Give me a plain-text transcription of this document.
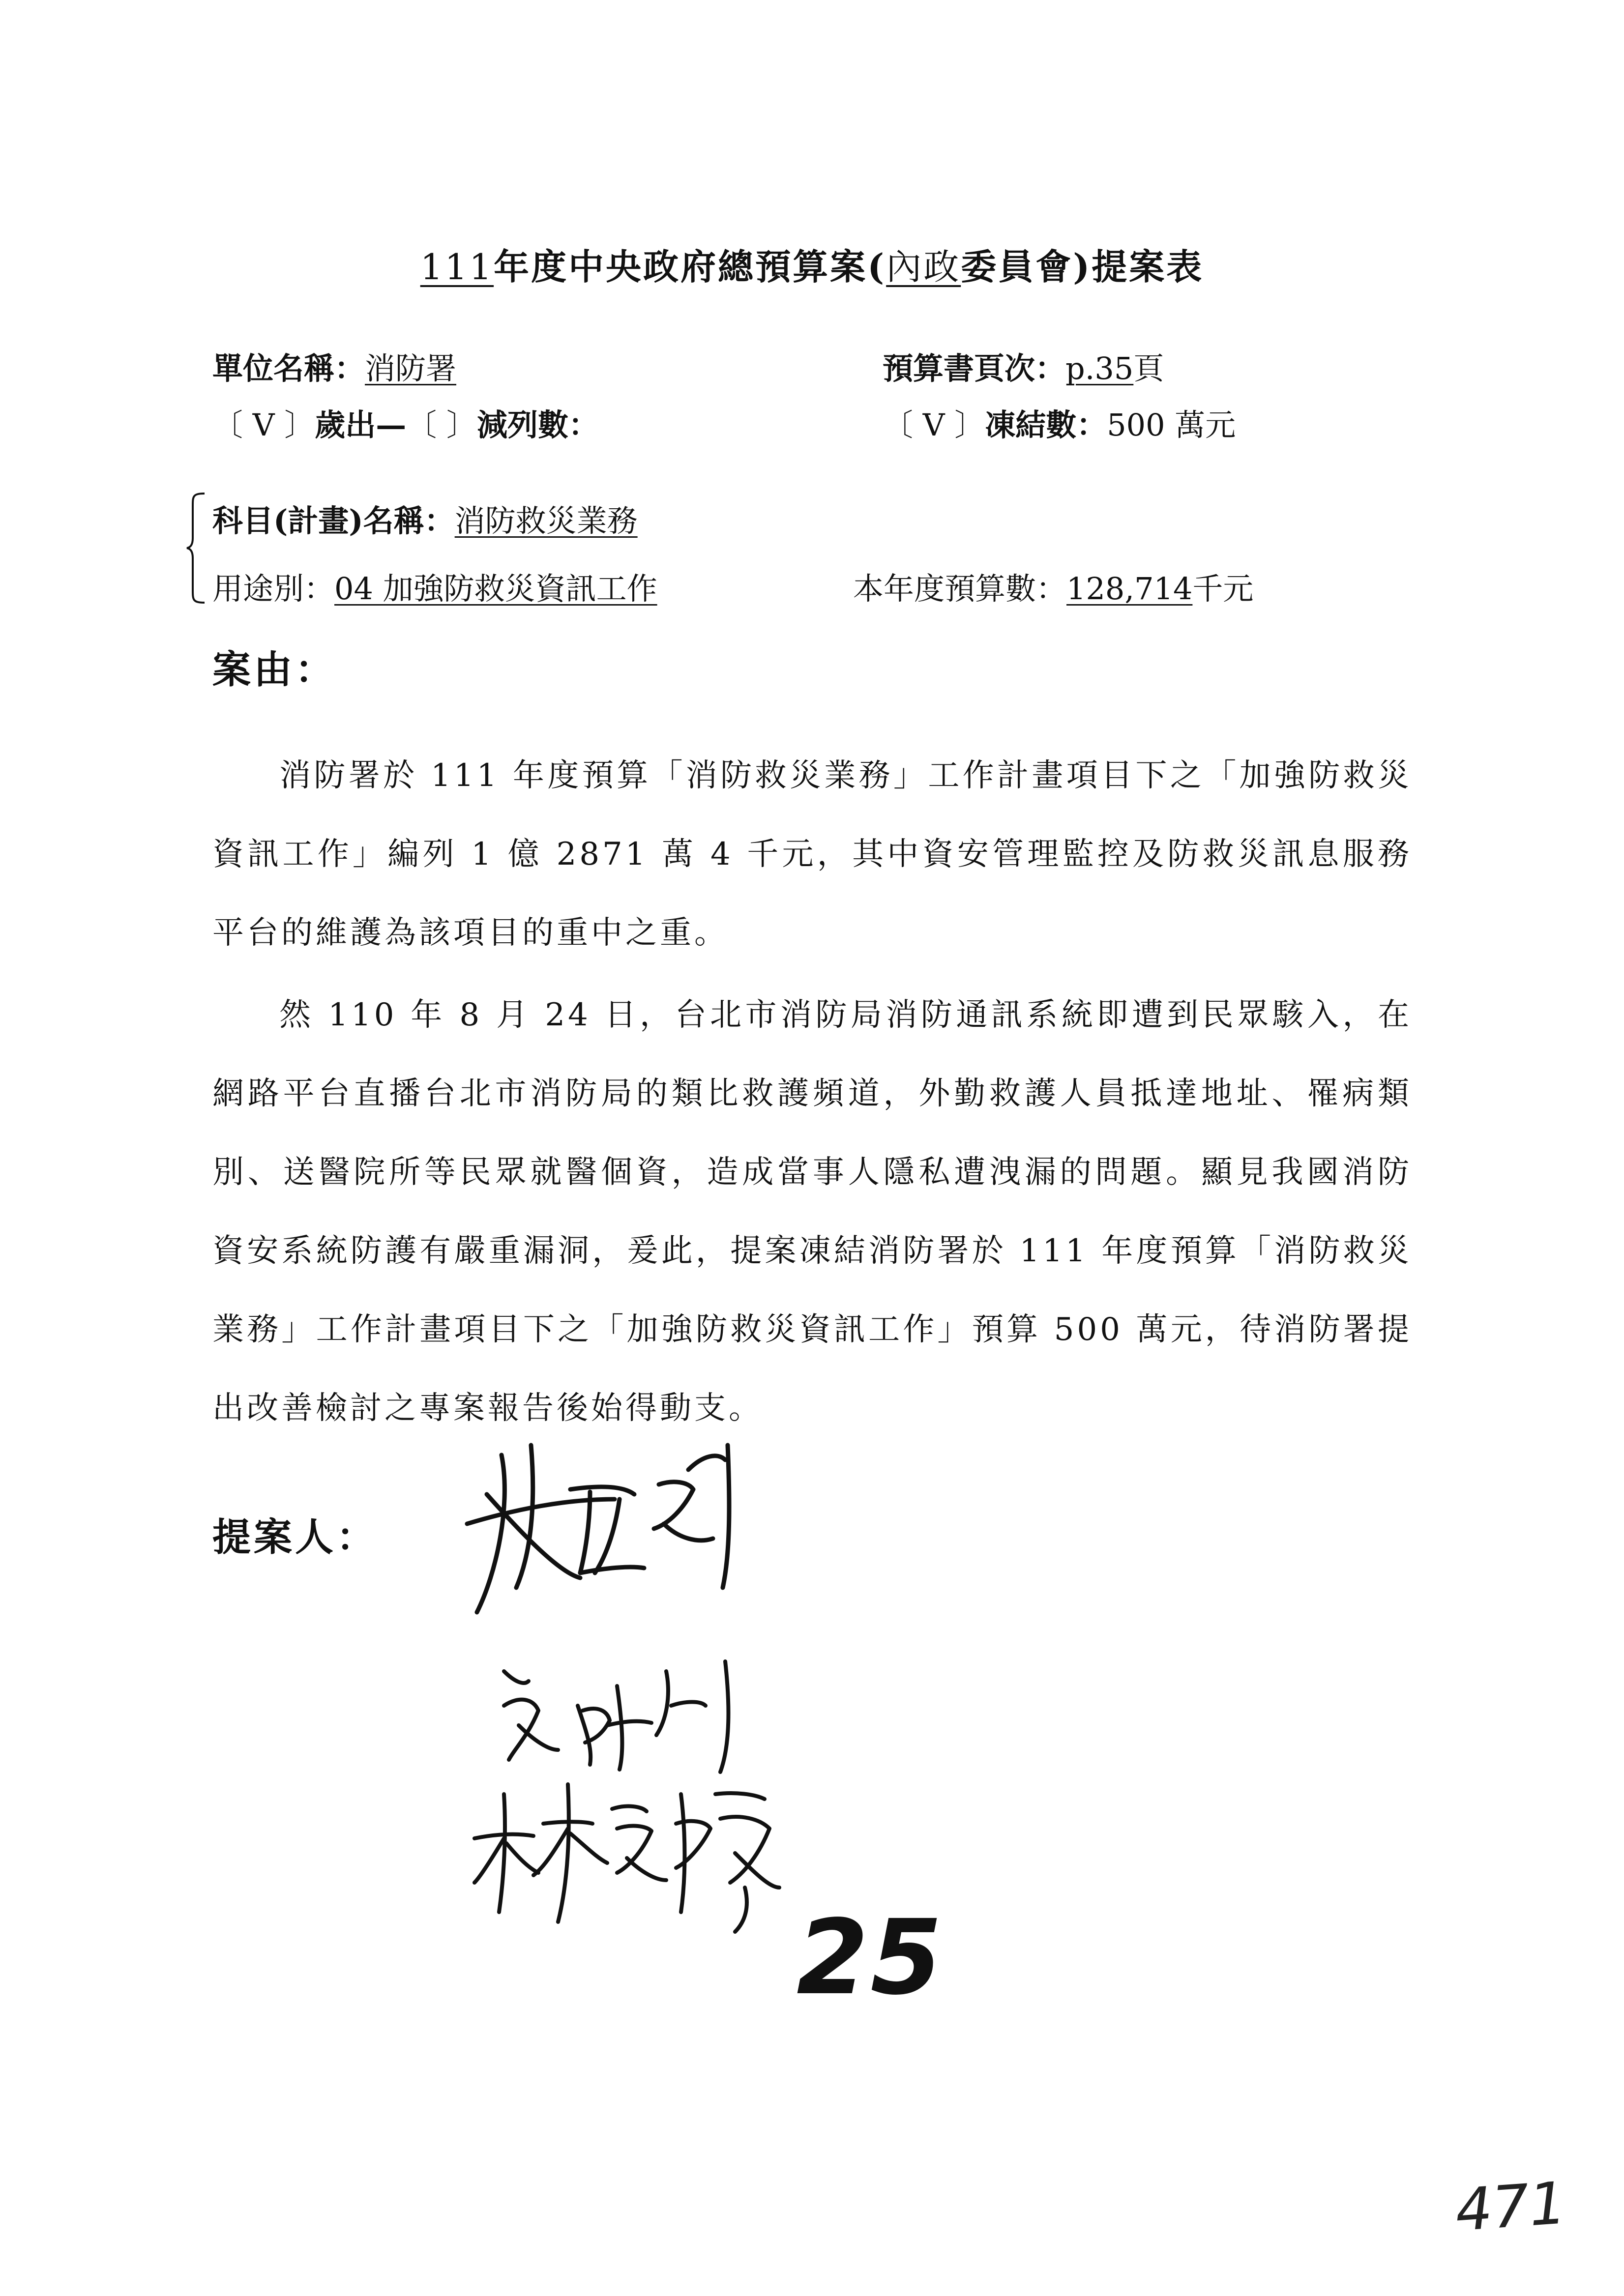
111年度中央政府總預算案(內政委員會)提案表
單位名稱：消防署	預算書頁次：p.35頁
〔 V 〕歲出—〔 〕減列數：	〔 V 〕凍結數：500 萬元
科目(計畫)名稱：消防救災業務
用途別：04 加強防救災資訊工作	本年度預算數：128,714千元
案由：
消防署於 111 年度預算「消防救災業務」工作計畫項目下之「加強防救災資訊工作」編列 1 億 2871 萬 4 千元，其中資安管理監控及防救災訊息服務平台的維護為該項目的重中之重。
然 110 年 8 月 24 日，台北市消防局消防通訊系統即遭到民眾駭入，在網路平台直播台北市消防局的類比救護頻道，外勤救護人員抵達地址、罹病類別、送醫院所等民眾就醫個資，造成當事人隱私遭洩漏的問題。顯見我國消防資安系統防護有嚴重漏洞，爰此，提案凍結消防署於 111 年度預算「消防救災業務」工作計畫項目下之「加強防救災資訊工作」預算 500 萬元，待消防署提出改善檢討之專案報告後始得動支。
提案人：
25
471
